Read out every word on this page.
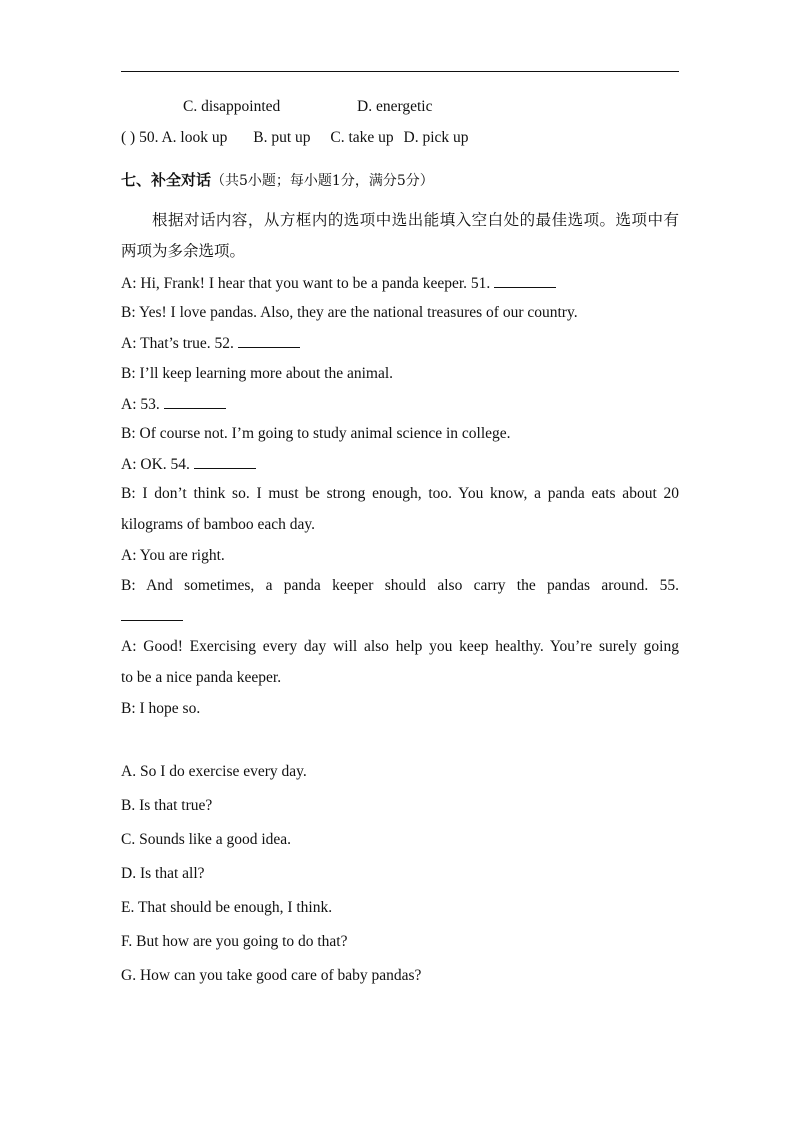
C. disappointed	D. energetic
( ) 50. A. look up B. put up C. take up D. pick up
七、补全对话（共5小题；每小题1分，满分5分）
根据对话内容，从方框内的选项中选出能填入空白处的最佳选项。选项中有
两项为多余选项。
A: Hi, Frank! I hear that you want to be a panda keeper. 51.
B: Yes! I love pandas. Also, they are the national treasures of our country.
A: That’s true. 52.
B: I’ll keep learning more about the animal.
A: 53.
B: Of course not. I’m going to study animal science in college.
A: OK. 54.
B: I don’t think so. I must be strong enough, too. You know, a panda eats about 20
kilograms of bamboo each day.
A: You are right.
B: And sometimes, a panda keeper should also carry the pandas around. 55.
A: Good! Exercising every day will also help you keep healthy. You’re surely going
to be a nice panda keeper.
B: I hope so.
A. So I do exercise every day.
B. Is that true?
C. Sounds like a good idea.
D. Is that all?
E. That should be enough, I think.
F. But how are you going to do that?
G. How can you take good care of baby pandas?
